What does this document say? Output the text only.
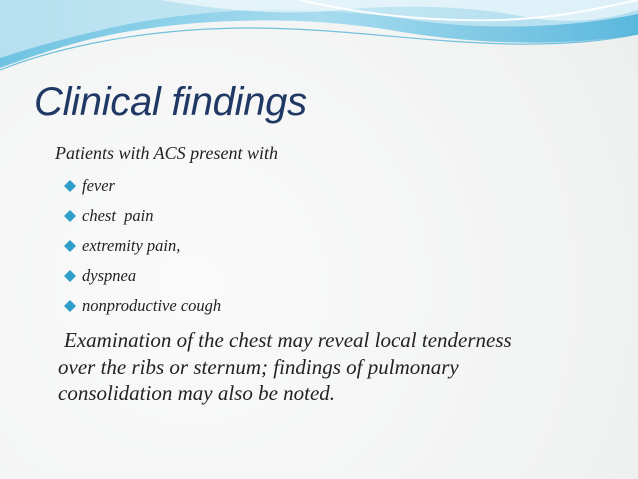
Clinical findings
Patients with ACS present with
fever
chest  pain
extremity pain,
dyspnea
nonproductive cough

Examination of the chest may reveal local tenderness
over the ribs or sternum; findings of pulmonary
consolidation may also be noted.
